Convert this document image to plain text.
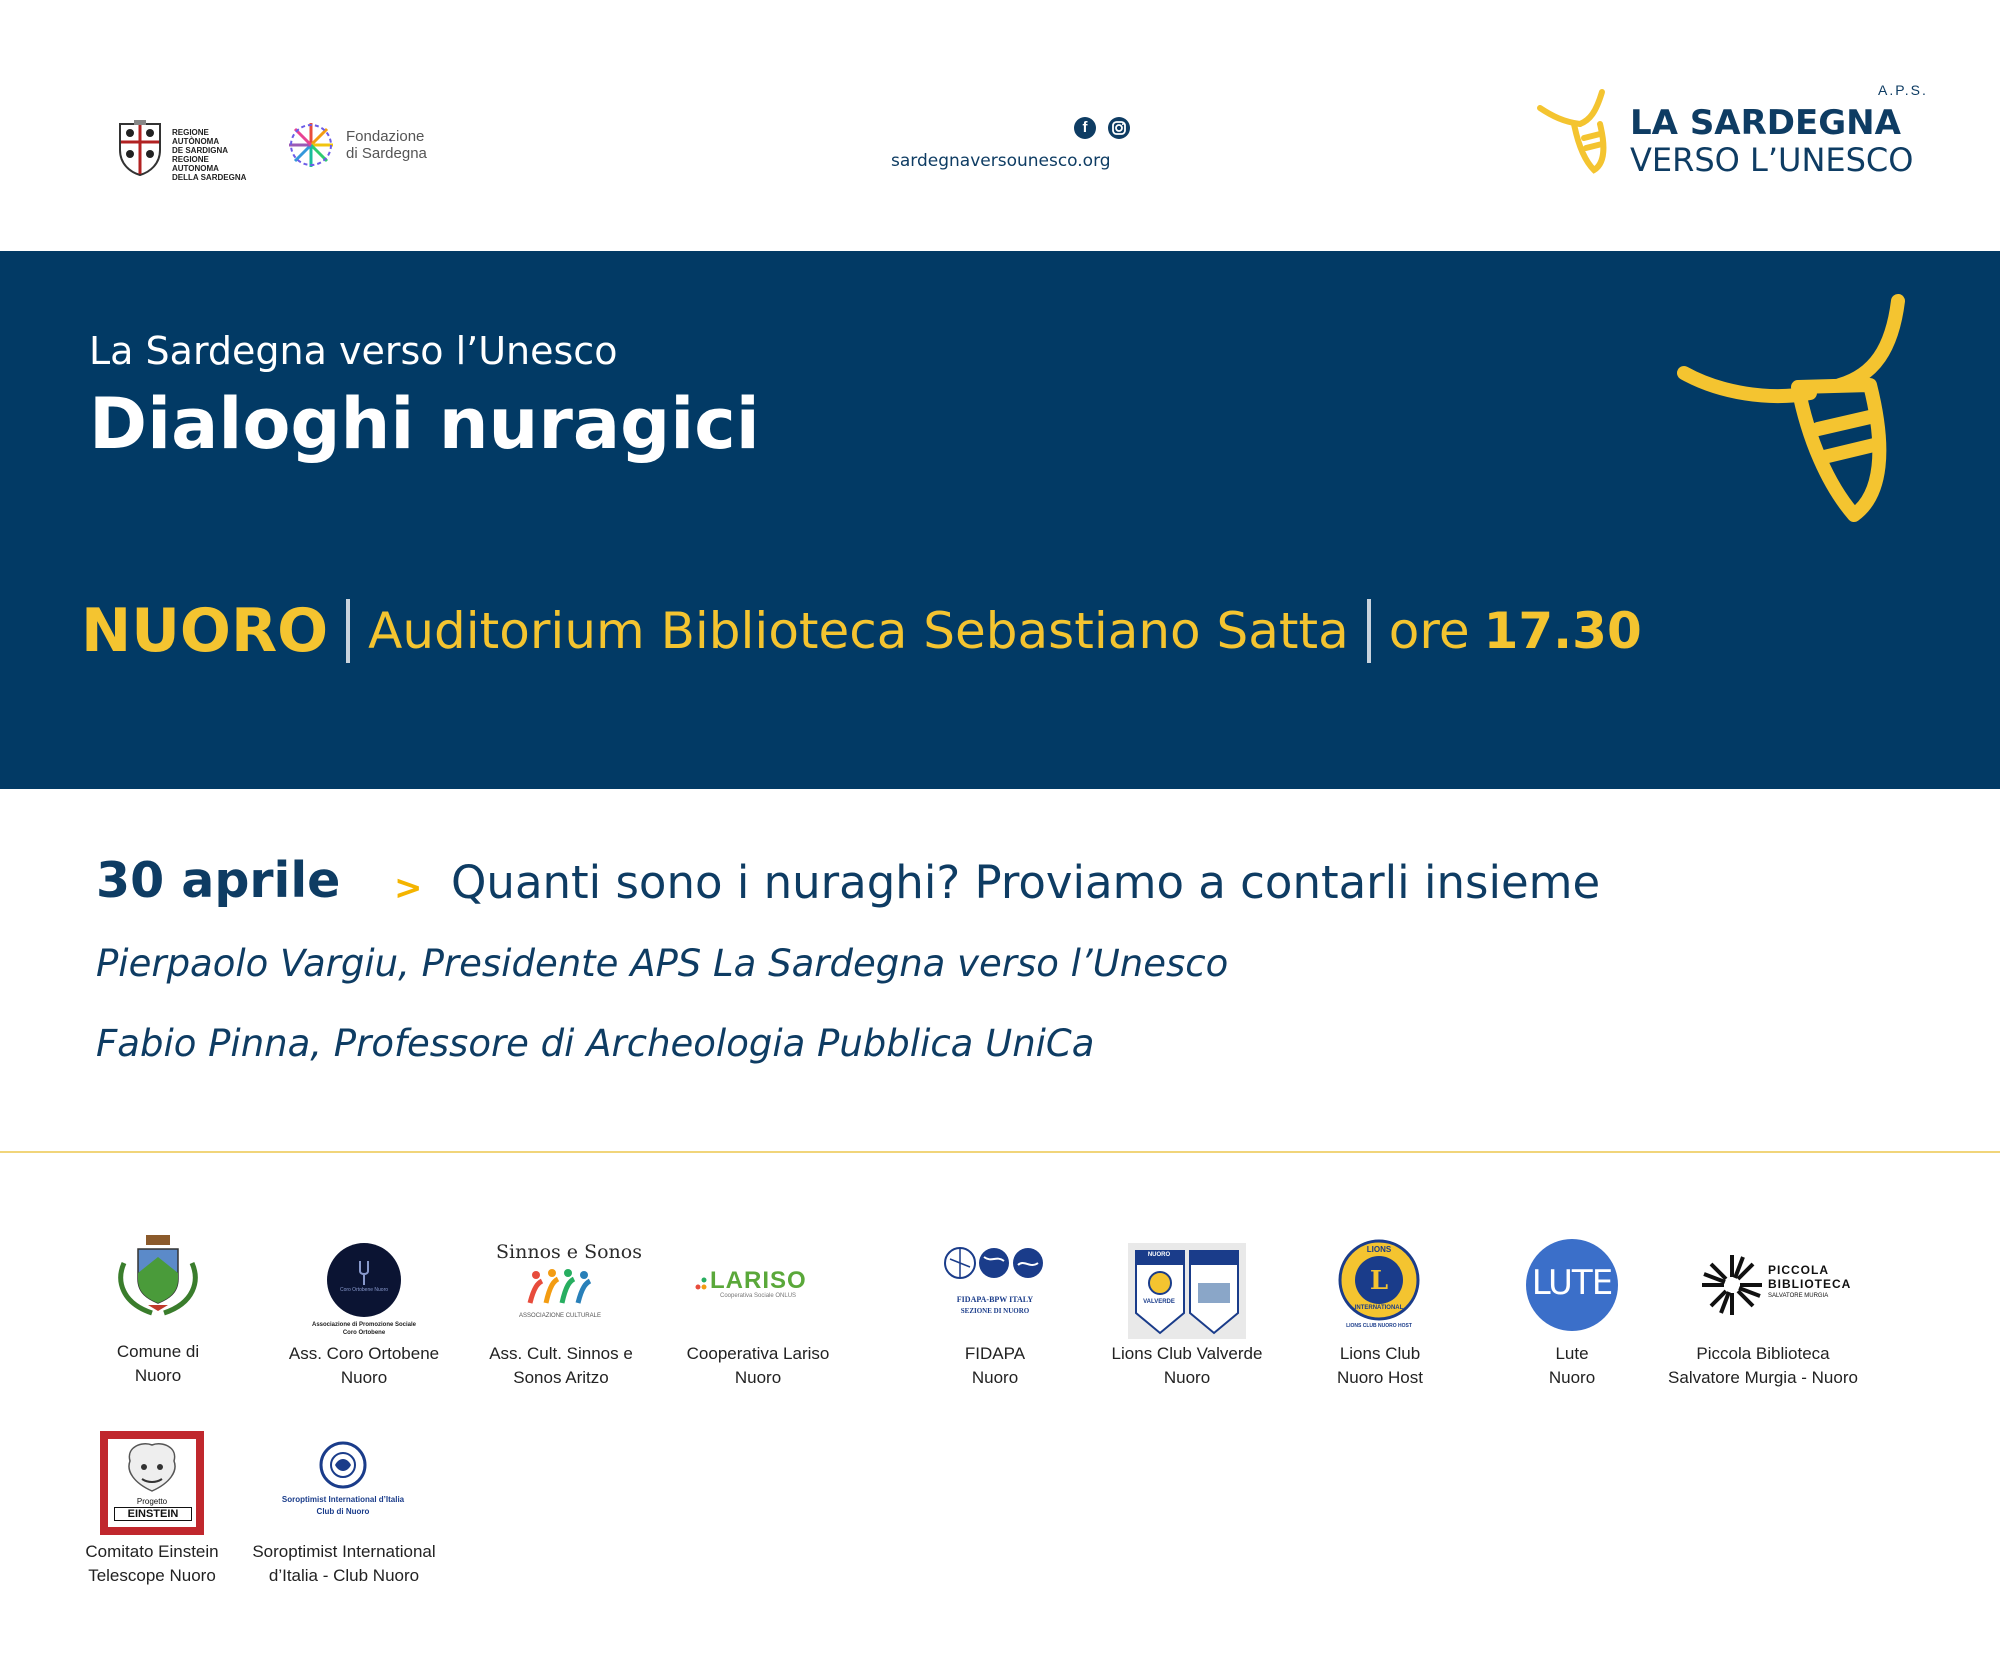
REGIONE AUTÒNOMA
DE SARDIGNA
REGIONE AUTONOMA
DELLA SARDEGNA
Fondazione
di Sardegna
f
sardegnaversounesco.org
A.P.S.
LA SARDEGNA
VERSO L’UNESCO
La Sardegna verso l’Unesco
Dialoghi nuragici
NUORO Auditorium Biblioteca Sebastiano Satta ore 17.30
30 aprile > Quanti sono i nuraghi? Proviamo a contarli insieme
Pierpaolo Vargiu, Presidente APS La Sardegna verso l’Unesco
Fabio Pinna, Professore di Archeologia Pubblica UniCa
Comune di
Nuoro
Coro Ortobene Nuoro
Associazione di Promozione Sociale
Coro Ortobene
Ass. Coro Ortobene
Nuoro
Sinnos e Sonos
ASSOCIAZIONE CULTURALE
Ass. Cult. Sinnos e
Sonos Aritzo
LARISO
Cooperativa Sociale ONLUS
Cooperativa Lariso
Nuoro
FIDAPA-BPW ITALY
SEZIONE DI NUORO
FIDAPA
Nuoro
NUORO
VALVERDE
Lions Club Valverde
Nuoro
L
LIONS
INTERNATIONAL
LIONS CLUB NUORO HOST
Lions Club
Nuoro Host
LUTE
Lute
Nuoro
PICCOLA
BIBLIOTECA
SALVATORE MURGIA
Piccola Biblioteca
Salvatore Murgia - Nuoro
Progetto
EINSTEIN
Comitato Einstein
Telescope Nuoro
Soroptimist International d’Italia
Club di Nuoro
Soroptimist International
d’Italia - Club Nuoro
